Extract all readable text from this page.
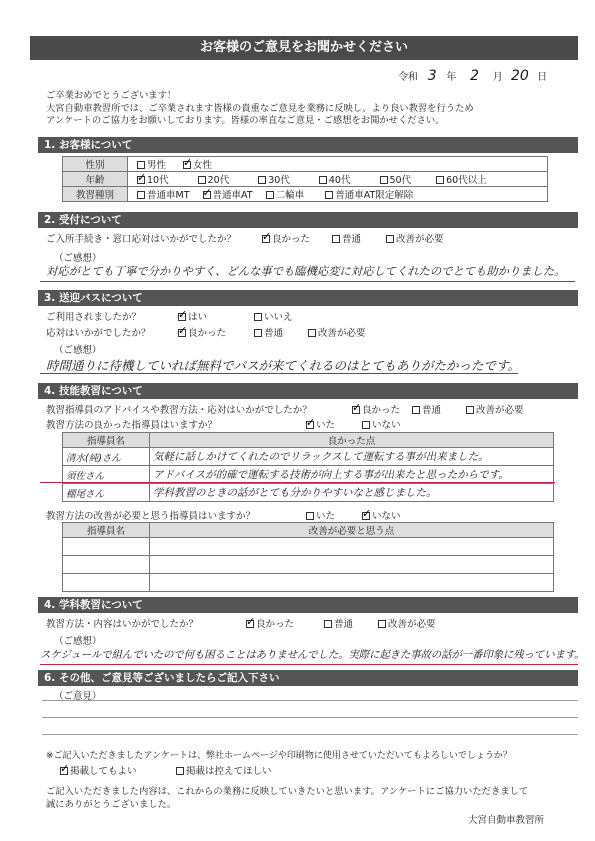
お客様のご意見をお聞かせください
令和 3 年 2 月 20 日
ご卒業おめでとうございます！
大宮自動車教習所では、ご卒業されます皆様の貴重なご意見を業務に反映し、より良い教習を行うため
アンケートのご協力をお願いしております。皆様の率直なご意見・ご感想をお聞かせください。
1. お客様について
性別	男性 ✓ 女性
年齢	✓10代 20代 30代 40代 50代 60代以上
教習種別	普通車MT ✓ 普通車AT 二輪車 普通車AT限定解除
2. 受付について
ご入所手続き・窓口応対はいかがでしたか？ ✓	良かった	普通	改善が必要
（ご感想）
対応がとても丁寧で分かりやすく、どんな事でも臨機応変に対応してくれたのでとても助かりました。
3. 送迎バスについて
ご利用されましたか？ ✓	はい	いいえ
応対はいかがでしたか？ ✓	良かった	普通	改善が必要
（ご感想）
時間通りに待機していれば無料でバスが来てくれるのはとてもありがたかったです。
4. 技能教習について
教習指導員のアドバイスや教習方法・応対はいかがでしたか？ ✓	良かった	普通	改善が必要
教習方法の良かった指導員はいますか？ ✓	いた	いない
指導員名	良かった点
清水(純)さん	気軽に話しかけてくれたのでリラックスして運転する事が出来ました。
須佐さん	アドバイスが的確で運転する技術が向上する事が出来たと思ったからです。
棚尾さん	学科教習のときの話がとても分かりやすいなと感じました。
教習方法の改善が必要と思う指導員はいますか？	いた ✓	いない
指導員名	改善が必要と思う点

4. 学科教習について
教習方法・内容はいかがでしたか？ ✓	良かった	普通	改善が必要
（ご感想）
スケジュールで組んでいたので何も困ることはありませんでした。実際に起きた事故の話が一番印象に残っています。
6. その他、ご意見等ございましたらご記入下さい
（ご意見）
※ご記入いただきましたアンケートは、弊社ホームページや印刷物に使用させていただいてもよろしいでしょうか？
✓掲載してもよい	掲載は控えてほしい
ご記入いただきました内容は、これからの業務に反映していきたいと思います。アンケートにご協力いただきまして
誠にありがとうございました。
大宮自動車教習所
